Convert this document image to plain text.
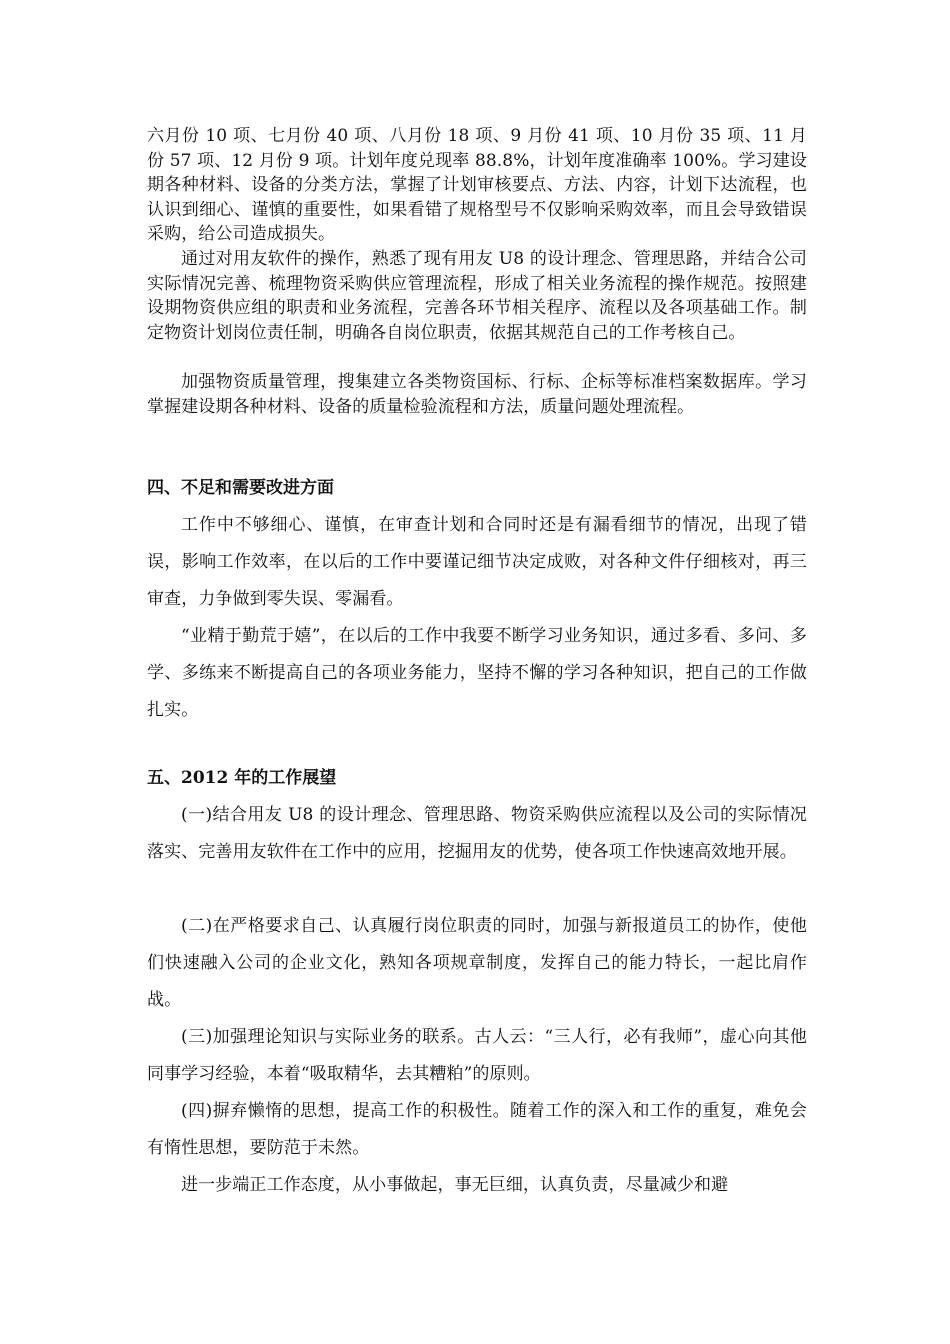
六月份 10 项、七月份 40 项、八月份 18 项、9 月份 41 项、10 月份 35 项、11 月份 57 项、12 月份 9 项。计划年度兑现率 88.8%，计划年度准确率 100%。学习建设期各种材料、设备的分类方法，掌握了计划审核要点、方法、内容，计划下达流程，也认识到细心、谨慎的重要性，如果看错了规格型号不仅影响采购效率，而且会导致错误采购，给公司造成损失。

通过对用友软件的操作，熟悉了现有用友 U8 的设计理念、管理思路，并结合公司实际情况完善、梳理物资采购供应管理流程，形成了相关业务流程的操作规范。按照建设期物资供应组的职责和业务流程，完善各环节相关程序、流程以及各项基础工作。制定物资计划岗位责任制，明确各自岗位职责，依据其规范自己的工作考核自己。

加强物资质量管理，搜集建立各类物资国标、行标、企标等标准档案数据库。学习掌握建设期各种材料、设备的质量检验流程和方法，质量问题处理流程。

四、不足和需要改进方面

工作中不够细心、谨慎，在审查计划和合同时还是有漏看细节的情况，出现了错误，影响工作效率，在以后的工作中要谨记细节决定成败，对各种文件仔细核对，再三审查，力争做到零失误、零漏看。

“业精于勤荒于嬉”，在以后的工作中我要不断学习业务知识，通过多看、多问、多学、多练来不断提高自己的各项业务能力，坚持不懈的学习各种知识，把自己的工作做扎实。

五、2012 年的工作展望

(一)结合用友 U8 的设计理念、管理思路、物资采购供应流程以及公司的实际情况落实、完善用友软件在工作中的应用，挖掘用友的优势，使各项工作快速高效地开展。

(二)在严格要求自己、认真履行岗位职责的同时，加强与新报道员工的协作，使他们快速融入公司的企业文化，熟知各项规章制度，发挥自己的能力特长，一起比肩作战。

(三)加强理论知识与实际业务的联系。古人云：“三人行，必有我师”，虚心向其他同事学习经验，本着“吸取精华，去其糟粕”的原则。

(四)摒弃懒惰的思想，提高工作的积极性。随着工作的深入和工作的重复，难免会有惰性思想，要防范于未然。

进一步端正工作态度，从小事做起，事无巨细，认真负责，尽量减少和避
